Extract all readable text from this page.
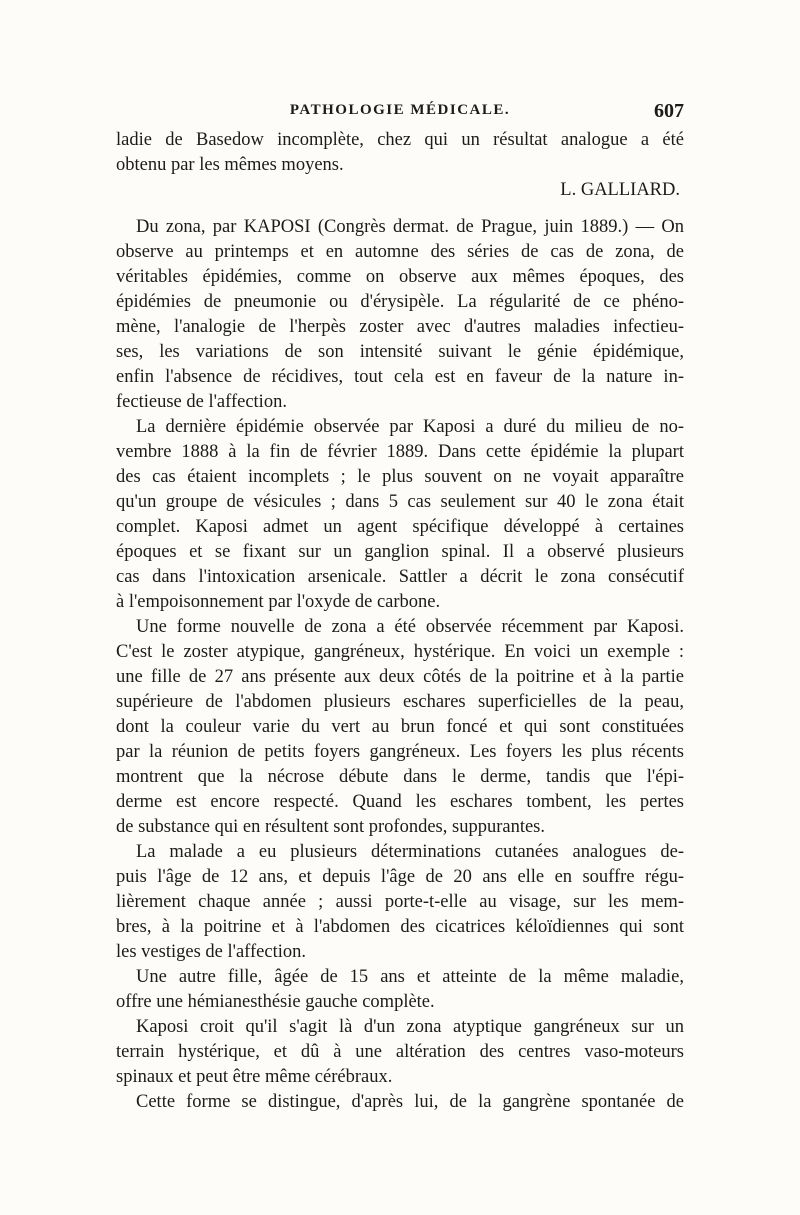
PATHOLOGIE MÉDICALE.	607
ladie de Basedow incomplète, chez qui un résultat analogue a été
obtenu par les mêmes moyens.
L. GALLIARD.
Du zona, par KAPOSI (Congrès dermat. de Prague, juin 1889.) — On
observe au printemps et en automne des séries de cas de zona, de
véritables épidémies, comme on observe aux mêmes époques, des
épidémies de pneumonie ou d'érysipèle. La régularité de ce phéno-
mène, l'analogie de l'herpès zoster avec d'autres maladies infectieu-
ses, les variations de son intensité suivant le génie épidémique,
enfin l'absence de récidives, tout cela est en faveur de la nature in-
fectieuse de l'affection.
La dernière épidémie observée par Kaposi a duré du milieu de no-
vembre 1888 à la fin de février 1889. Dans cette épidémie la plupart
des cas étaient incomplets ; le plus souvent on ne voyait apparaître
qu'un groupe de vésicules ; dans 5 cas seulement sur 40 le zona était
complet. Kaposi admet un agent spécifique développé à certaines
époques et se fixant sur un ganglion spinal. Il a observé plusieurs
cas dans l'intoxication arsenicale. Sattler a décrit le zona consécutif
à l'empoisonnement par l'oxyde de carbone.
Une forme nouvelle de zona a été observée récemment par Kaposi.
C'est le zoster atypique, gangréneux, hystérique. En voici un exemple :
une fille de 27 ans présente aux deux côtés de la poitrine et à la partie
supérieure de l'abdomen plusieurs eschares superficielles de la peau,
dont la couleur varie du vert au brun foncé et qui sont constituées
par la réunion de petits foyers gangréneux. Les foyers les plus récents
montrent que la nécrose débute dans le derme, tandis que l'épi-
derme est encore respecté. Quand les eschares tombent, les pertes
de substance qui en résultent sont profondes, suppurantes.
La malade a eu plusieurs déterminations cutanées analogues de-
puis l'âge de 12 ans, et depuis l'âge de 20 ans elle en souffre régu-
lièrement chaque année ; aussi porte-t-elle au visage, sur les mem-
bres, à la poitrine et à l'abdomen des cicatrices kéloïdiennes qui sont
les vestiges de l'affection.
Une autre fille, âgée de 15 ans et atteinte de la même maladie,
offre une hémianesthésie gauche complète.
Kaposi croit qu'il s'agit là d'un zona atyptique gangréneux sur un
terrain hystérique, et dû à une altération des centres vaso-moteurs
spinaux et peut être même cérébraux.
Cette forme se distingue, d'après lui, de la gangrène spontanée de
